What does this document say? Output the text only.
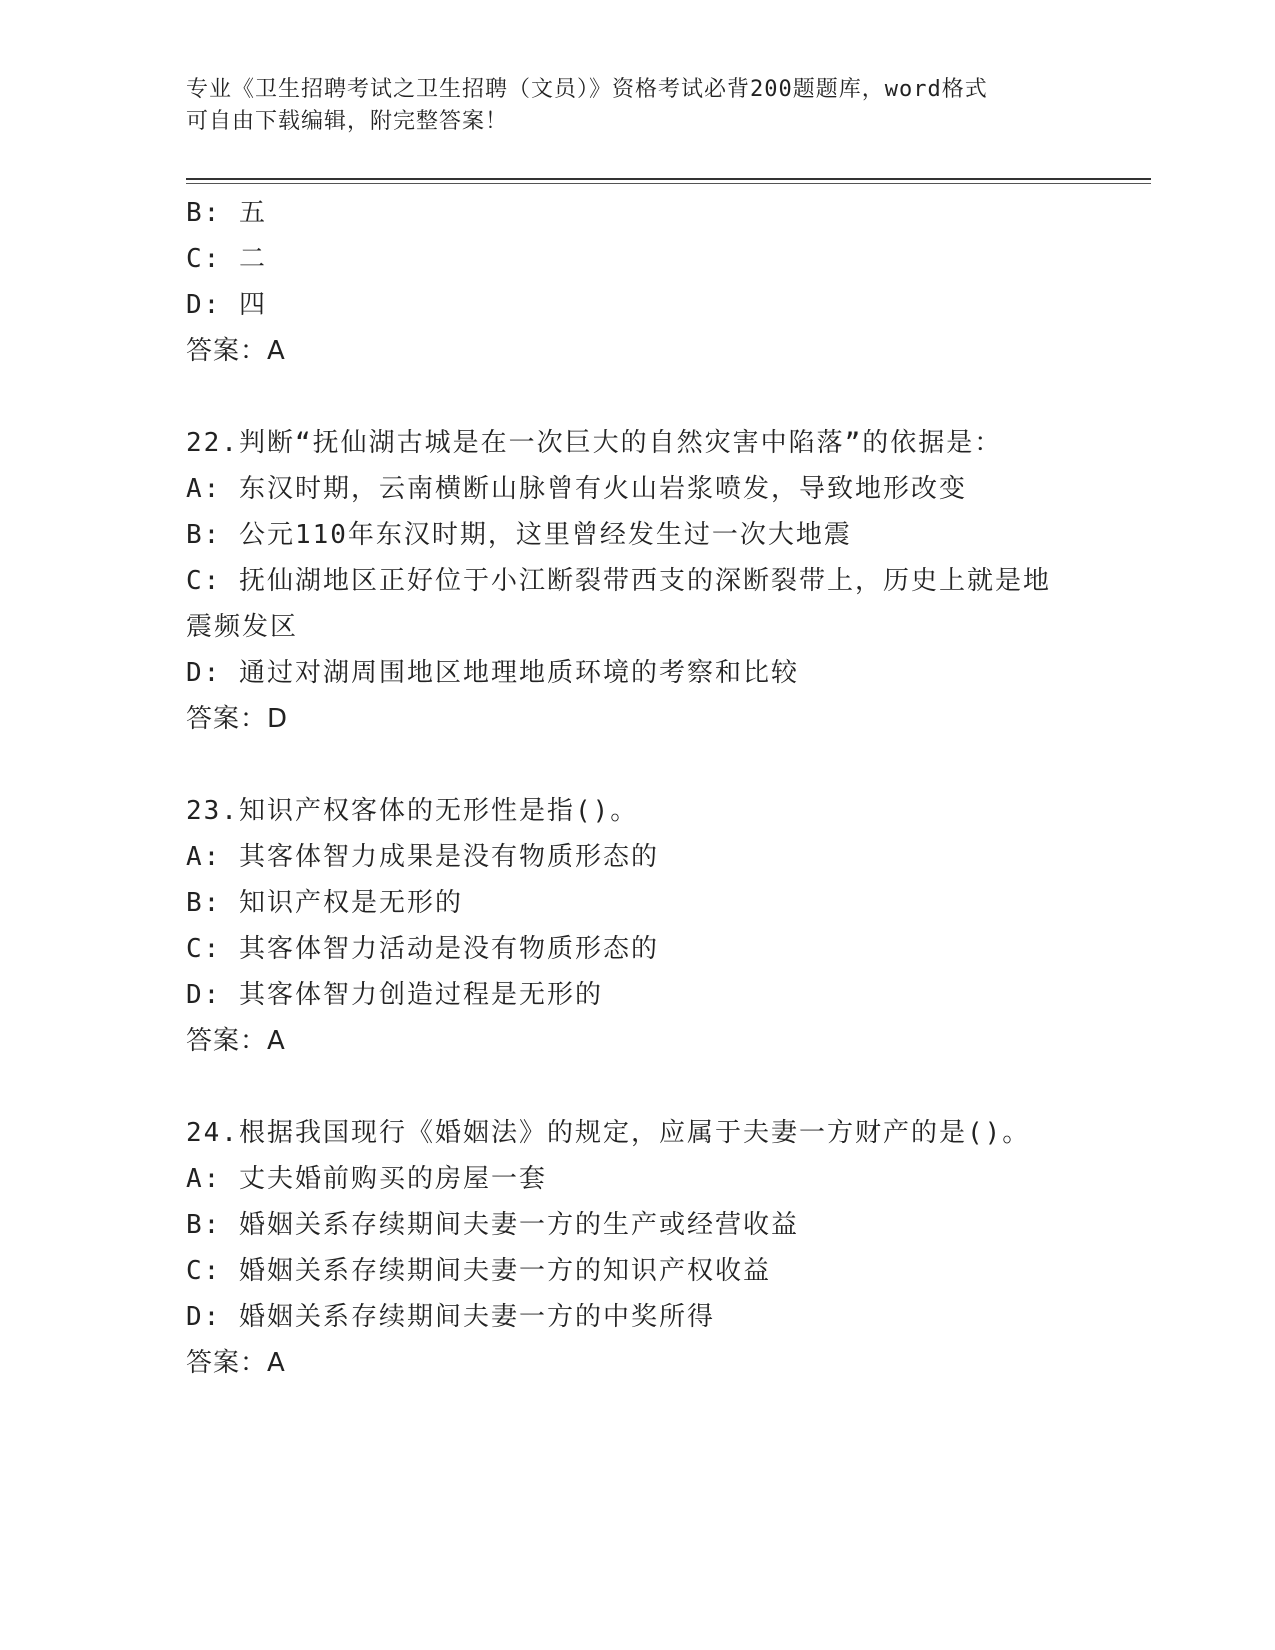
专业《卫生招聘考试之卫生招聘（文员）》资格考试必背200题题库，word格式
可自由下载编辑，附完整答案！
B: 五
C: 二
D: 四
答案：A
22.判断“抚仙湖古城是在一次巨大的自然灾害中陷落”的依据是：
A: 东汉时期，云南横断山脉曾有火山岩浆喷发，导致地形改变
B: 公元110年东汉时期，这里曾经发生过一次大地震
C: 抚仙湖地区正好位于小江断裂带西支的深断裂带上，历史上就是地
震频发区
D: 通过对湖周围地区地理地质环境的考察和比较
答案：D
23.知识产权客体的无形性是指()。
A: 其客体智力成果是没有物质形态的
B: 知识产权是无形的
C: 其客体智力活动是没有物质形态的
D: 其客体智力创造过程是无形的
答案：A
24.根据我国现行《婚姻法》的规定，应属于夫妻一方财产的是()。
A: 丈夫婚前购买的房屋一套
B: 婚姻关系存续期间夫妻一方的生产或经营收益
C: 婚姻关系存续期间夫妻一方的知识产权收益
D: 婚姻关系存续期间夫妻一方的中奖所得
答案：A
